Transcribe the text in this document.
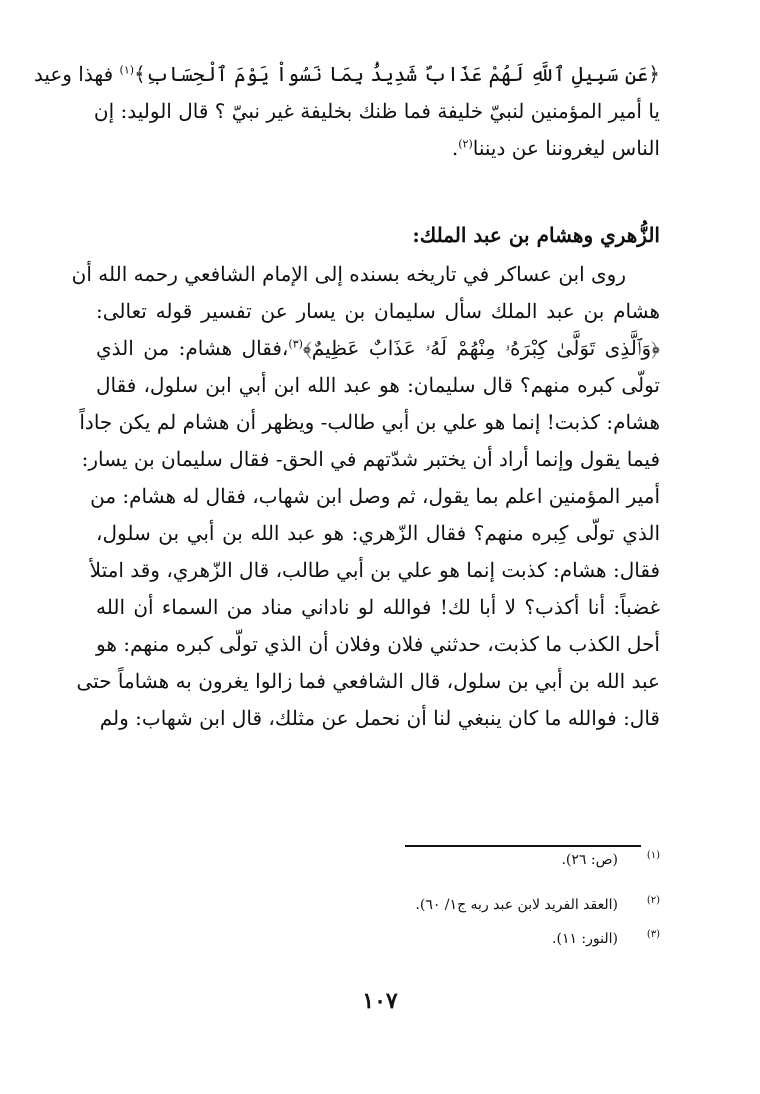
﴿عَن سَبِيلِ ٱللَّهِ لَهُمْ عَذَابٌ شَدِيدُۢ بِمَا نَسُواْ يَوْمَ ٱلْحِسَابِ﴾$^{(١)}$ فهذا وعيد
يا أمير المؤمنين لنبيّ خليفة فما ظنك بخليفة غير نبيّ ؟ قال الوليد: إن
الناس ليغروننا عن ديننا$^{(٢)}$.
الزُّهري وهشام بن عبد الملك:
روى ابن عساكر في تاريخه بسنده إلى الإمام الشافعي رحمه الله أن
هشام بن عبد الملك سأل سليمان بن يسار عن تفسير قوله تعالى:
﴿وَٱلَّذِى تَوَلَّىٰ كِبْرَهُۥ مِنْهُمْ لَهُۥ عَذَابٌ عَظِيمٌ﴾$^{(٣)}$،فقال هشام: من الذي
تولّى كبره منهم؟ قال سليمان: هو عبد الله ابن أبي ابن سلول، فقال
هشام: كذبت! إنما هو علي بن أبي طالب- ويظهر أن هشام لم يكن جاداً
فيما يقول وإنما أراد أن يختبر شدّتهم في الحق- فقال سليمان بن يسار:
أمير المؤمنين اعلم بما يقول، ثم وصل ابن شهاب، فقال له هشام: من
الذي تولّى كِبره منهم؟ فقال الزّهري: هو عبد الله بن أبي بن سلول،
فقال: هشام: كذبت إنما هو علي بن أبي طالب، قال الزّهري، وقد امتلأ
غضباً: أنا أكذب؟ لا أبا لك! فوالله لو ناداني مناد من السماء أن الله
أحل الكذب ما كذبت، حدثني فلان وفلان أن الذي تولّى كبره منهم: هو
عبد الله بن أبي بن سلول، قال الشافعي فما زالوا يغرون به هشاماً حتى
قال: فوالله ما كان ينبغي لنا أن نحمل عن مثلك، قال ابن شهاب: ولم
(١)(ص: ٢٦).
(٢)(العقد الفريد لابن عبد ربه ج١/ ٦٠).
(٣)(النور: ١١).
١٠٧
